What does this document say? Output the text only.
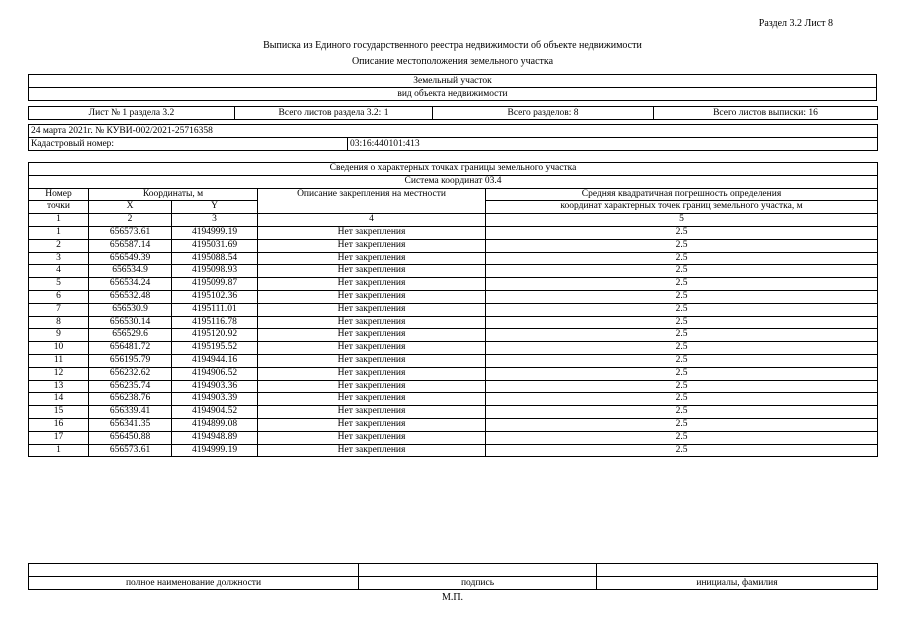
Раздел 3.2 Лист 8
Выписка из Единого государственного реестра недвижимости об объекте недвижимости
Описание местоположения земельного участка
Земельный участок
вид объекта недвижимости
Лист № 1 раздела 3.2	Всего листов раздела 3.2: 1	Всего разделов: 8	Всего листов выписки: 16
24 марта 2021г. № КУВИ-002/2021-25716358
Кадастровый номер:	03:16:440101:413
Сведения о характерных точках границы земельного участка				
Система координат 03.4				
Номер	Координаты, м		Описание закрепления на местности	Средняя квадратичная погрешность определения
точки	X	Y		координат характерных точек границ земельного участка, м
1	2	3	4	5
1	656573.61	4194999.19	Нет закрепления	2.5
2	656587.14	4195031.69	Нет закрепления	2.5
3	656549.39	4195088.54	Нет закрепления	2.5
4	656534.9	4195098.93	Нет закрепления	2.5
5	656534.24	4195099.87	Нет закрепления	2.5
6	656532.48	4195102.36	Нет закрепления	2.5
7	656530.9	4195111.01	Нет закрепления	2.5
8	656530.14	4195116.78	Нет закрепления	2.5
9	656529.6	4195120.92	Нет закрепления	2.5
10	656481.72	4195195.52	Нет закрепления	2.5
11	656195.79	4194944.16	Нет закрепления	2.5
12	656232.62	4194906.52	Нет закрепления	2.5
13	656235.74	4194903.36	Нет закрепления	2.5
14	656238.76	4194903.39	Нет закрепления	2.5
15	656339.41	4194904.52	Нет закрепления	2.5
16	656341.35	4194899.08	Нет закрепления	2.5
17	656450.88	4194948.89	Нет закрепления	2.5
1	656573.61	4194999.19	Нет закрепления	2.5

полное наименование должности	подпись	инициалы, фамилия
М.П.
